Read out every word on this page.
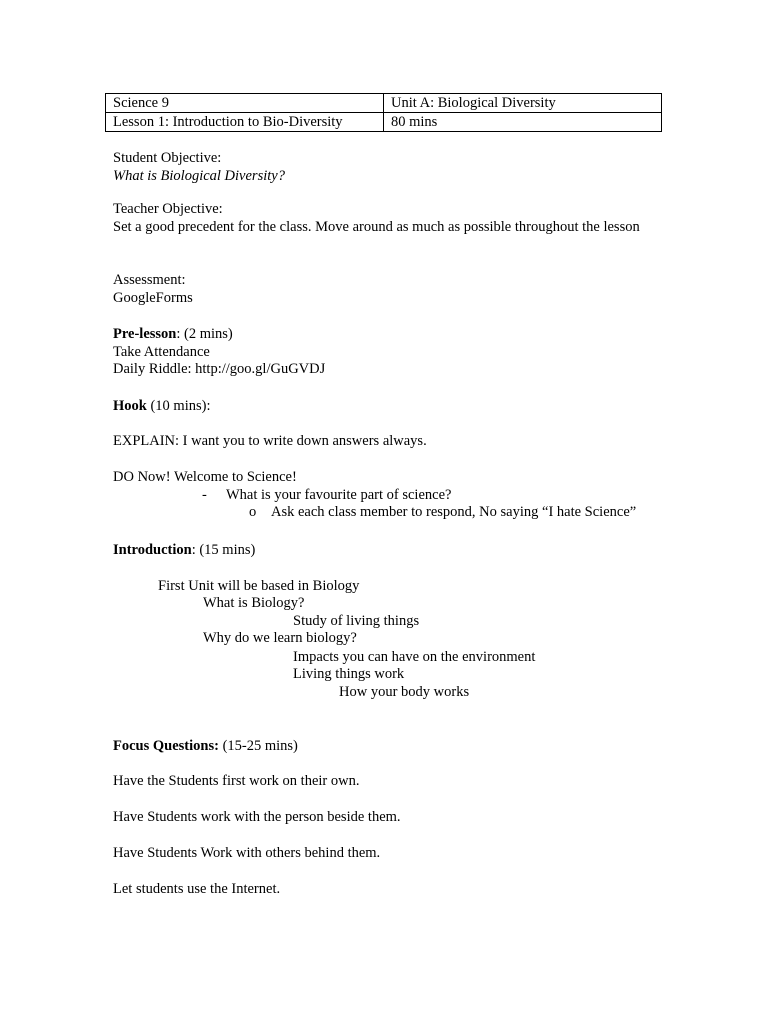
Science 9	Unit A: Biological Diversity
Lesson 1: Introduction to Bio-Diversity	80 mins
Student Objective:
What is Biological Diversity?
Teacher Objective:
Set a good precedent for the class. Move around as much as possible throughout the lesson
Assessment:
GoogleForms
Pre-lesson: (2 mins)
Take Attendance
Daily Riddle: http://goo.gl/GuGVDJ
Hook (10 mins):
EXPLAIN: I want you to write down answers always.
DO Now! Welcome to Science!
- What is your favourite part of science?
o Ask each class member to respond, No saying “I hate Science”
Introduction: (15 mins)
First Unit will be based in Biology
What is Biology?
Study of living things
Why do we learn biology?
Impacts you can have on the environment
Living things work
How your body works
Focus Questions: (15-25 mins)
Have the Students first work on their own.
Have Students work with the person beside them.
Have Students Work with others behind them.
Let students use the Internet.
